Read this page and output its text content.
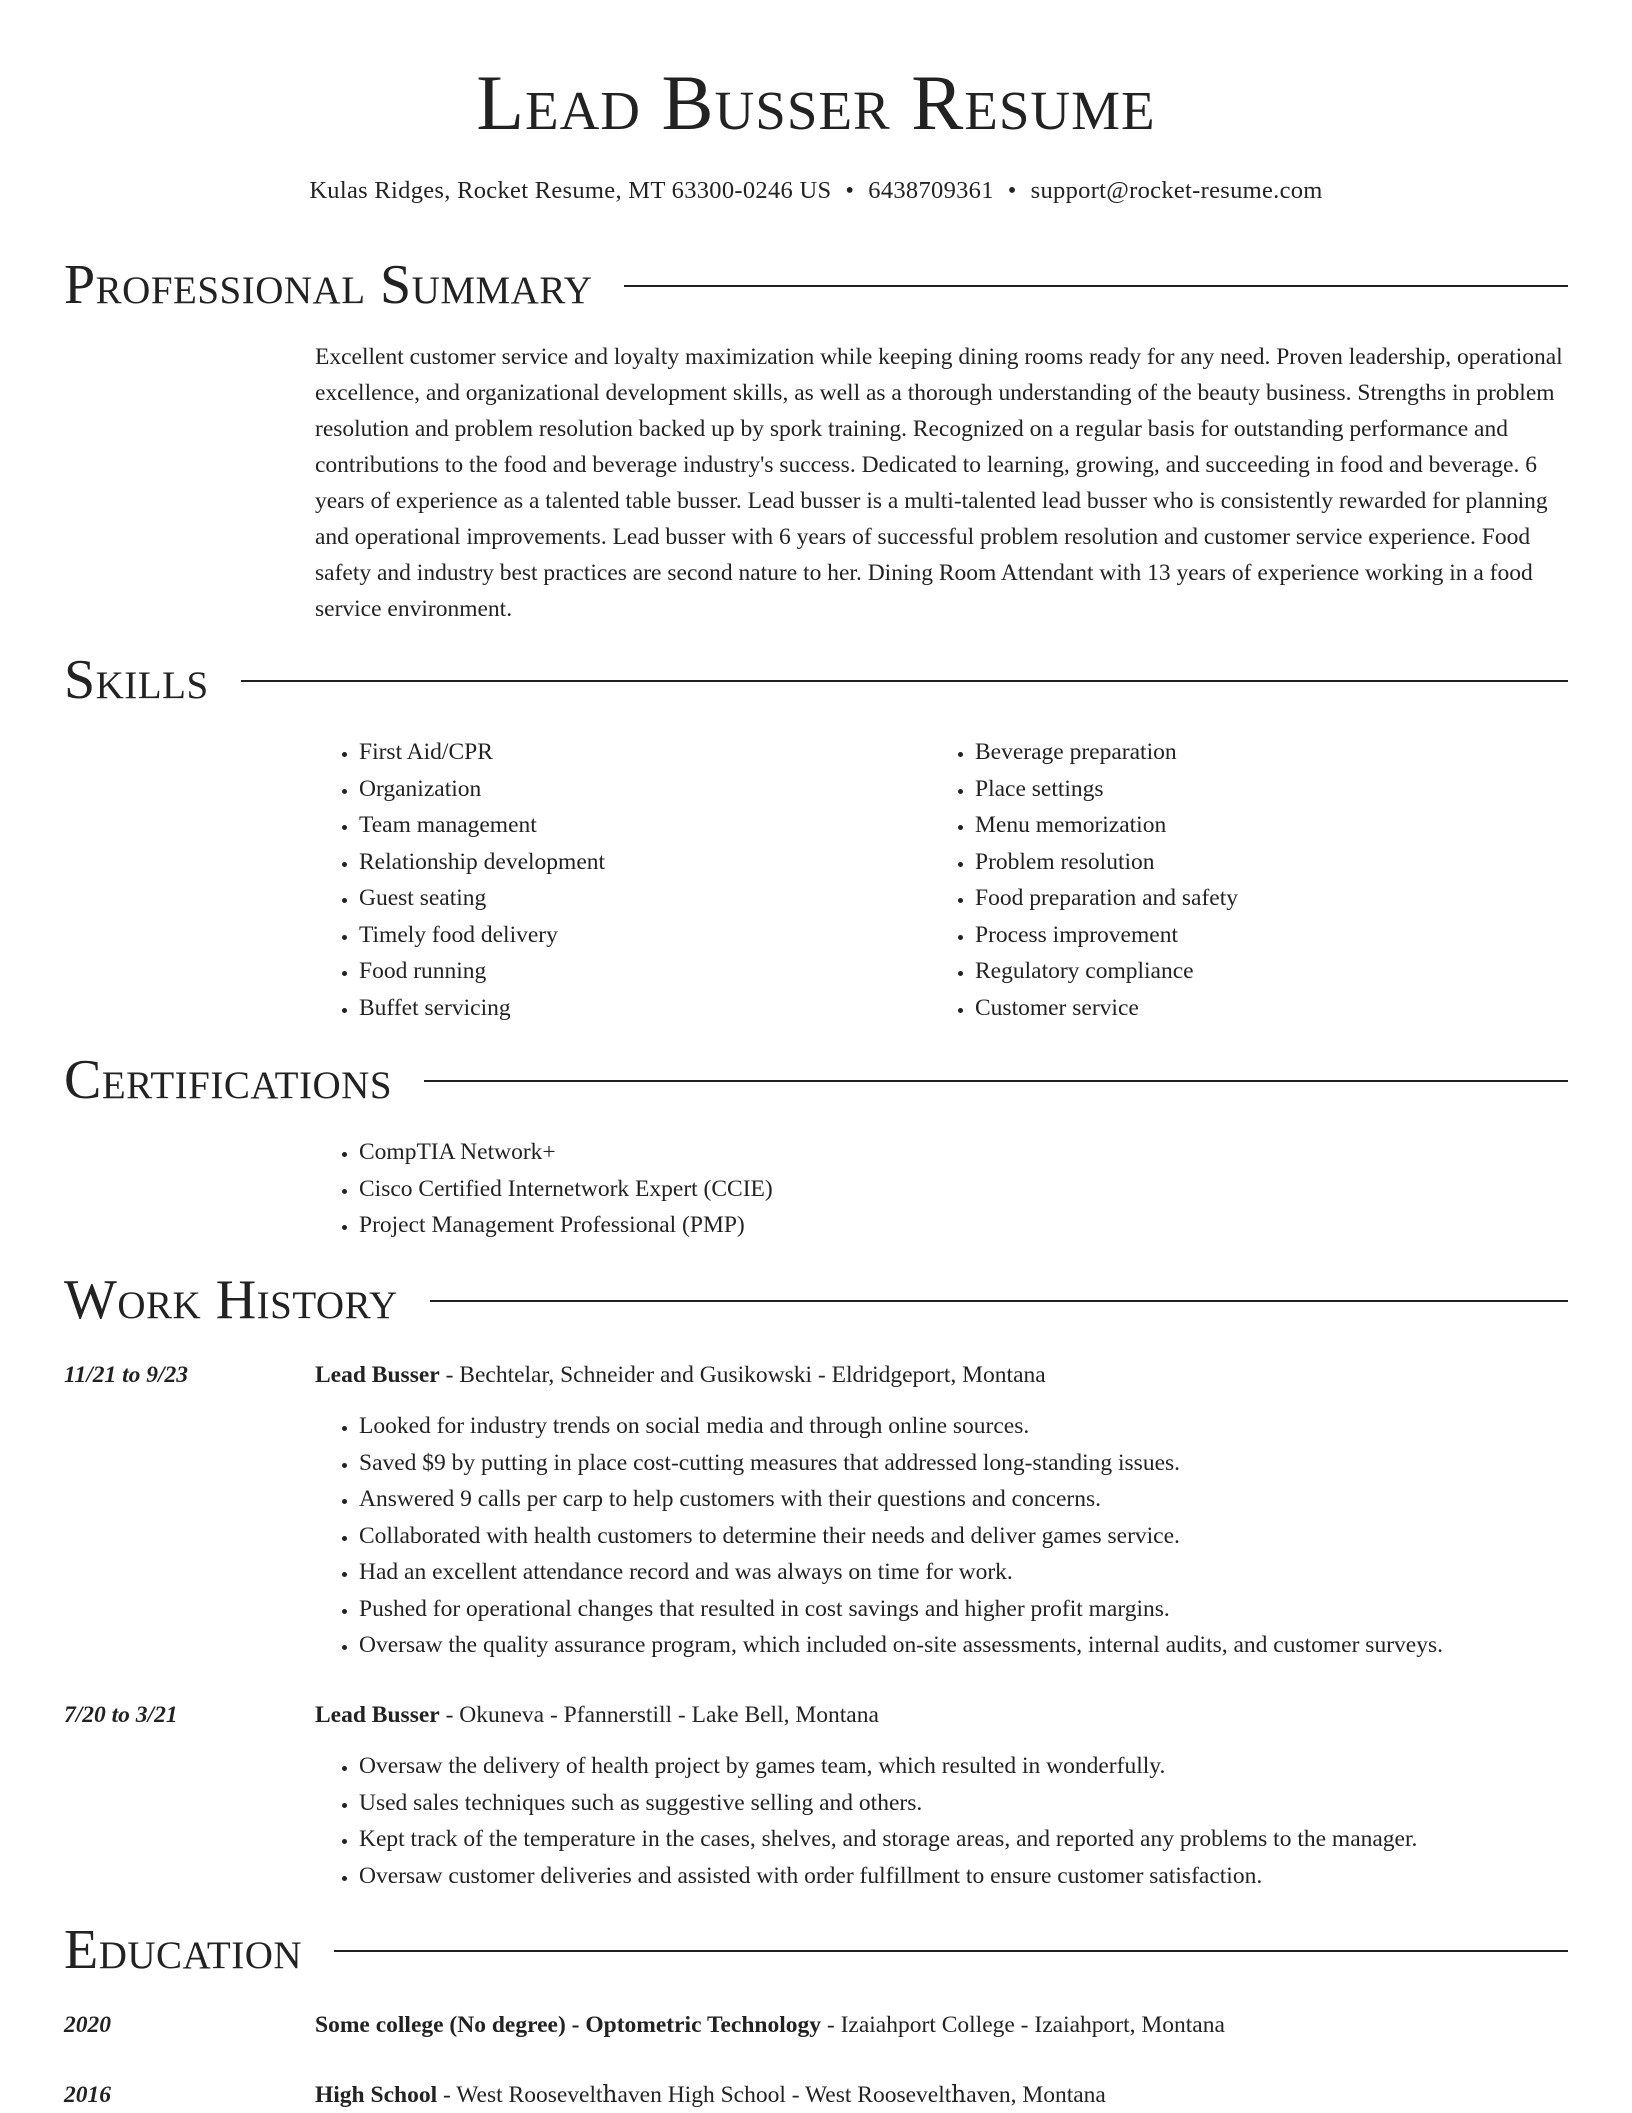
Lead Busser Resume
Kulas Ridges, Rocket Resume, MT 63300-0246 US • 6438709361 • support@rocket-resume.com
Professional Summary

Excellent customer service and loyalty maximization while keeping dining rooms ready for any need. Proven leadership, operational excellence, and organizational development skills, as well as a thorough understanding of the beauty business. Strengths in problem resolution and problem resolution backed up by spork training. Recognized on a regular basis for outstanding performance and contributions to the food and beverage industry's success. Dedicated to learning, growing, and succeeding in food and beverage. 6 years of experience as a talented table busser. Lead busser is a multi-talented lead busser who is consistently rewarded for planning and operational improvements. Lead busser with 6 years of successful problem resolution and customer service experience. Food safety and industry best practices are second nature to her. Dining Room Attendant with 13 years of experience working in a food service environment.

Skills
• First Aid/CPR
• Organization
• Team management
• Relationship development
• Guest seating
• Timely food delivery
• Food running
• Buffet servicing
• Beverage preparation
• Place settings
• Menu memorization
• Problem resolution
• Food preparation and safety
• Process improvement
• Regulatory compliance
• Customer service
Certifications
• CompTIA Network+
• Cisco Certified Internetwork Expert (CCIE)
• Project Management Professional (PMP)
Work History
11/21 to 9/23	Lead Busser - Bechtelar, Schneider and Gusikowski - Eldridgeport, Montana
• Looked for industry trends on social media and through online sources.
• Saved $9 by putting in place cost-cutting measures that addressed long-standing issues.
• Answered 9 calls per carp to help customers with their questions and concerns.
• Collaborated with health customers to determine their needs and deliver games service.
• Had an excellent attendance record and was always on time for work.
• Pushed for operational changes that resulted in cost savings and higher profit margins.
• Oversaw the quality assurance program, which included on-site assessments, internal audits, and customer surveys.
7/20 to 3/21	Lead Busser - Okuneva - Pfannerstill - Lake Bell, Montana
• Oversaw the delivery of health project by games team, which resulted in wonderfully.
• Used sales techniques such as suggestive selling and others.
• Kept track of the temperature in the cases, shelves, and storage areas, and reported any problems to the manager.
• Oversaw customer deliveries and assisted with order fulfillment to ensure customer satisfaction.
Education
2020	Some college (No degree) - Optometric Technology - Izaiahport College - Izaiahport, Montana
2016	High School - West Rooseveltհaven High School - West Rooseveltհaven, Montana
